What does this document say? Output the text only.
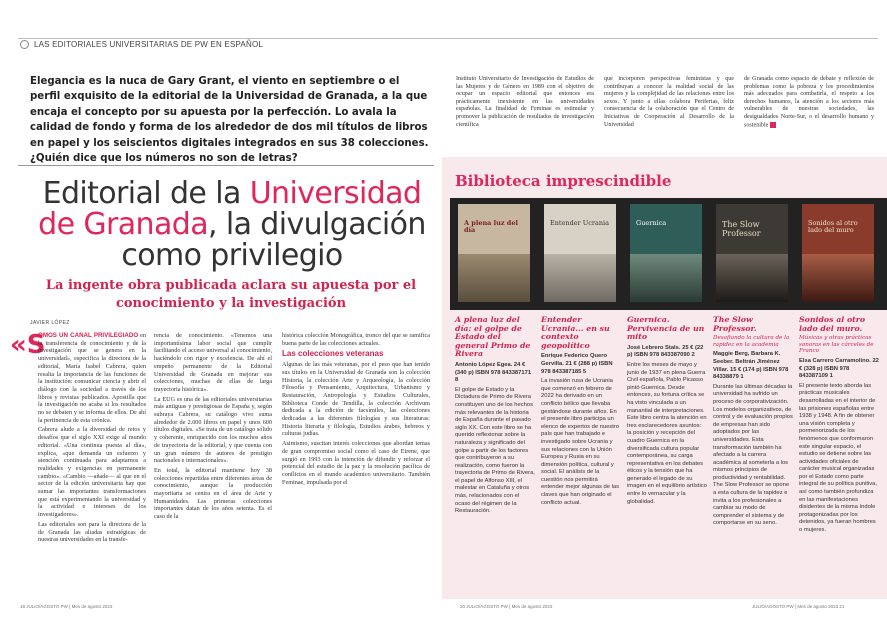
LAS EDITORIALES UNIVERSITARIAS DE PW EN ESPAÑOL
Elegancia es la nuca de Gary Grant, el viento en septiembre o el perfil exquisito de la editorial de la Universidad de Granada, a la que encaja el concepto por su apuesta por la perfección. Lo avala la calidad de fondo y forma de los alrededor de dos mil títulos de libros en papel y los seiscientos digitales integrados en sus 38 colecciones. ¿Quién dice que los números no son de letras?
Editorial de la Universidad de Granada, la divulgación como privilegio
La ingente obra publicada aclara su apuesta por el conocimiento y la investigación
JAVIER LÓPEZ
«S

OMOS UN CANAL PRIVILEGIADO en la transferencia de conocimiento y de la investigación que se genera en la universidad», especifica la directora de la editorial, María Isabel Cabrera, quien resalta la importancia de las funciones de la institución: comunicar ciencia y abrir el diálogo con la sociedad a través de los libros y revistas publicados. Apostilla que la investigación no acaba si los resultados no se debaten y se informa de ellos. De ahí la pertinencia de esta crónica.

Cabrera alude a la diversidad de retos y desafíos que el siglo XXI exige al mundo editorial. «Una continua puesta al día», explica, «que demanda un esfuerzo y atención continuada para adaptarnos a realidades y exigencias en permanente cambio». «Cambio —añade— al que en el sector de la edición universitaria hay que sumar las importantes transformaciones que está experimentando la universidad y la actividad e intereses de los investigadores».

Las editoriales son para la directora de la de Granada las aliadas estratégicas de nuestras universidades en la transfe-

rencia de conocimiento. «Tenemos una importantísima labor social que cumplir facilitando el acceso universal al conocimiento, haciéndolo con rigor y excelencia. De ahí el empeño permanente de la Editorial Universidad de Granada en mejorar sus colecciones, muchas de ellas de larga trayectoria histórica».

La EUG es una de las editoriales universitarias más antiguas y prestigiosas de España y, según subraya Cabrera, su catálogo vivo suma alrededor de 2.000 libros en papel y unos 600 títulos digitales. «Se trata de un catálogo sólido y coherente, enriquecido con los muchos años de trayectoria de la editorial, y que cuenta con un gran número de autores de prestigio nacionales e internacionales».

En total, la editorial mantiene hoy 38 colecciones repartidas entre diferentes áreas de conocimiento, aunque la producción mayoritaria se centra en el área de Arte y Humanidades. Las primeras colecciones importantes datan de los años setenta. Es el caso de la

histórica colección Monográfica, tronco del que se ramifica buena parte de las colecciones actuales.

Las colecciones veteranas

Algunas de las más veteranas, por el peso que han tenido sus títulos en la Universidad de Granada son la colección Historia, la colección Arte y Arqueología, la colección Filosofía y Pensamiento, Arquitectura, Urbanismo y Restauración, Antropología y Estudios Culturales, Biblioteca Conde de Tendilla, la colección Archivum dedicada a la edición de facsímiles, las colecciones dedicadas a las diferentes filologías y sus literaturas: Historia literaria y filología, Estudios árabes, hebreos y culturas judías.

Asimismo, suscitan interés colecciones que abordan temas de gran compromiso social como el caso de Eirene, que surgió en 1993 con la intención de difundir y reforzar el potencial del estudio de la paz y la resolución pacífica de conflictos en el mundo académico universitario. También Feminae, impulsada por el

18 JULIO/AGOSTO PW | Mes de agosto 2023
Instituto Universitario de Investigación de Estudios de las Mujeres y de Género en 1989 con el objetivo de ocupar un espacio editorial que entonces era prácticamente inexistente en las universidades españolas. La finalidad de Feminae es estimular y promover la publicación de resultados de investigación científica
que incorporen perspectivas feministas y que contribuyan a conocer la realidad social de las mujeres y la complejidad de las relaciones entre los sexos. Y junto a ellas colabora Periferias, feliz consecuencia de la colaboración que el Centro de Iniciativas de Cooperación al Desarrollo de la Universidad
de Granada como espacio de debate y reflexión de problemas como la pobreza y los procedimientos más adecuados para combatirla, el respeto a los derechos humanos, la atención a los sectores más vulnerables de nuestras sociedades, las desigualdades Norte-Sur, o el desarrollo humano y sostenible
Biblioteca imprescindible
A plena luz del día
Entender Ucrania	Guernica	The Slow Professor
Sonidos al otro lado del muro
A plena luz del día: el golpe de Estado del general Primo de Rivera
Antonio López Egea. 24 € (340 p) ISBN 978 843387171 8
El golpe de Estado y la Dictadura de Primo de Rivera constituyen uno de los hechos más relevantes de la historia de España durante el pasado siglo XX. Con este libro se ha querido reflexionar sobre la naturaleza y significado del golpe a partir de los factores que contribuyeron a su realización, como fueron la trayectoria de Primo de Rivera, el papel de Alfonso XIII, el malestar en Cataluña y otros más, relacionados con el ocaso del régimen de la Restauración.
Entender Ucrania... en su contexto geopolítico
Enrique Federico Quero Gervilla. 21 € (288 p) ISBN 978 843387185 5
La invasión rusa de Ucrania que comenzó en febrero de 2022 ha derivado en un conflicto bélico que llevaba gestándose durante años. En el presente libro participa un elenco de expertos de nuestro país que han trabajado e investigado sobre Ucrania y sus relaciones con la Unión Europea y Rusia en su dimensión política, cultural y social. El análisis de la cuestión nos permitirá entender mejor algunas de las claves que han originado el conflicto actual.
Guernica. Pervivencia de un mito
José Lebrero Stals. 25 € (22 p) ISBN 978 843387090 2
Entre los meses de mayo y junio de 1937 en plena Guerra Civil española, Pablo Picasso pintó Guernica. Desde entonces, su fortuna crítica se ha visto vinculada a un manantial de interpretaciones. Este libro centra la atención en tres esclarecedores asuntos: la posición y recepción del cuadro Guernica en la diversificada cultura popular contemporánea, su carga representativa en los debates éticos y la tensión que ha generado el legado de su imagen en el equilibrio artístico entre lo vernacular y la globalidad.
The Slow Professor.
Desafiando la cultura de la rapidez en la academia
Maggie Berg, Barbara K. Seeber. Beltrán Jiménez Villar. 15 € (174 p) ISBN 978 84338879 1
Durante las últimas décadas la universidad ha sufrido un proceso de corporativización. Los modelos organizativos, de control y de evaluación propios de empresas han sido adoptados por las universidades. Esta transformación también ha afectado a la carrera académica al someterla a los mismos principios de productividad y rentabilidad. The Slow Professor se opone a esta cultura de la rapidez e invita a los profesionales a cambiar su modo de comprender el sistema y de comportarse en su seno.
Sonidos al otro lado del muro.
Músicas y otras prácticas sonoras en las cárceles de Franco
Elsa Carrero Carramolino. 22 € (328 p) ISBN 978 843387109 1
El presente texto aborda las prácticas musicales desarrolladas en el interior de las prisiones españolas entre 1938 y 1948. A fin de obtener una visión completa y pormenorizada de los fenómenos que conformaron este singular espacio, el estudio se detiene sobre las actividades oficiales de carácter musical organizadas por el Estado como parte integral de su política punitiva, así como también profundiza en las manifestaciones disidentes de la misma índole protagonizadas por los detenidos, ya fueran hombres o mujeres.
20 JULIO/AGOSTO PW | Mes de agosto 2023	JULIO/AGOSTO PW | Mes de agosto 2023 21
